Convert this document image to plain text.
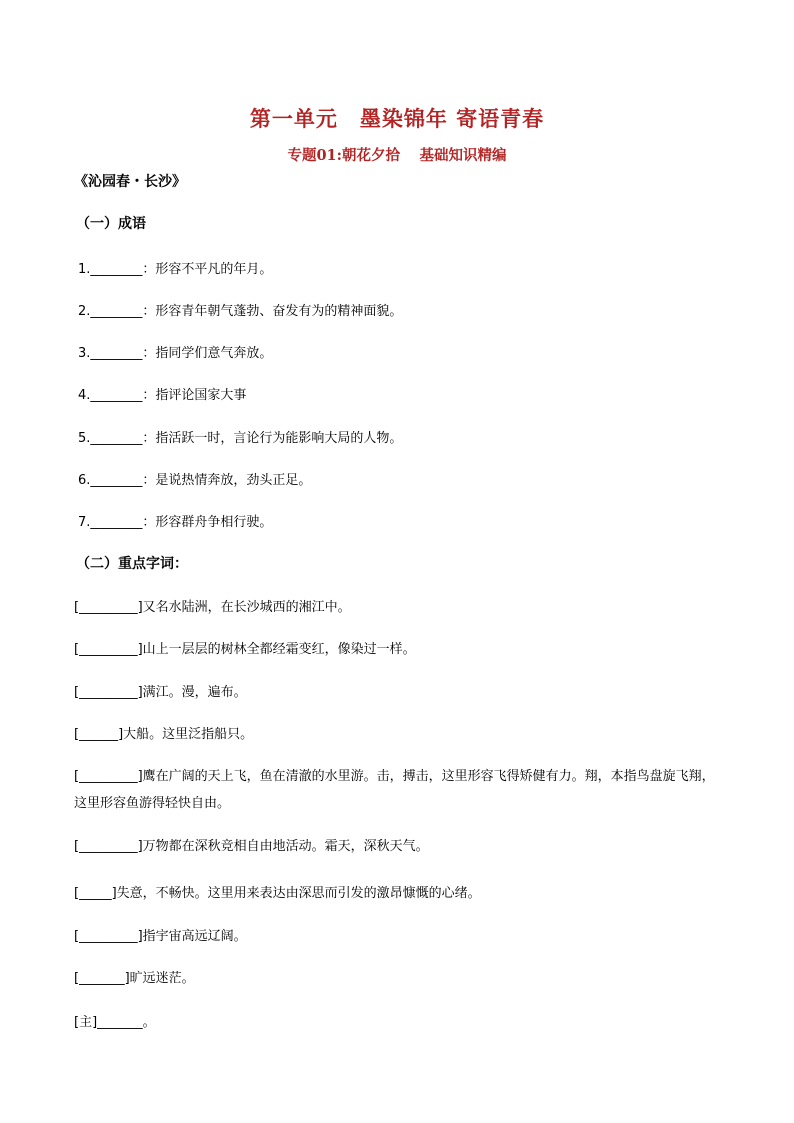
第一单元　墨染锦年 寄语青春
专题01:朝花夕拾　 基础知识精编
《沁园春・长沙》
（一）成语
1.________：形容不平凡的年月。
2.________：形容青年朝气蓬勃、奋发有为的精神面貌。
3.________：指同学们意气奔放。
4.________：指评论国家大事
5.________：指活跃一时，言论行为能影响大局的人物。
6.________：是说热情奔放，劲头正足。
7.________：形容群舟争相行驶。
（二）重点字词：
[_________]又名水陆洲，在长沙城西的湘江中。
[_________]山上一层层的树林全都经霜变红，像染过一样。
[_________]满江。漫，遍布。
[______]大船。这里泛指船只。
[_________]鹰在广阔的天上飞，鱼在清澈的水里游。击，搏击，这里形容飞得矫健有力。翔，本指鸟盘旋飞翔，这里形容鱼游得轻快自由。
[_________]万物都在深秋竞相自由地活动。霜天，深秋天气。
[_____]失意，不畅快。这里用来表达由深思而引发的激昂慷慨的心绪。
[_________]指宇宙高远辽阔。
[_______]旷远迷茫。
[主]_______。
